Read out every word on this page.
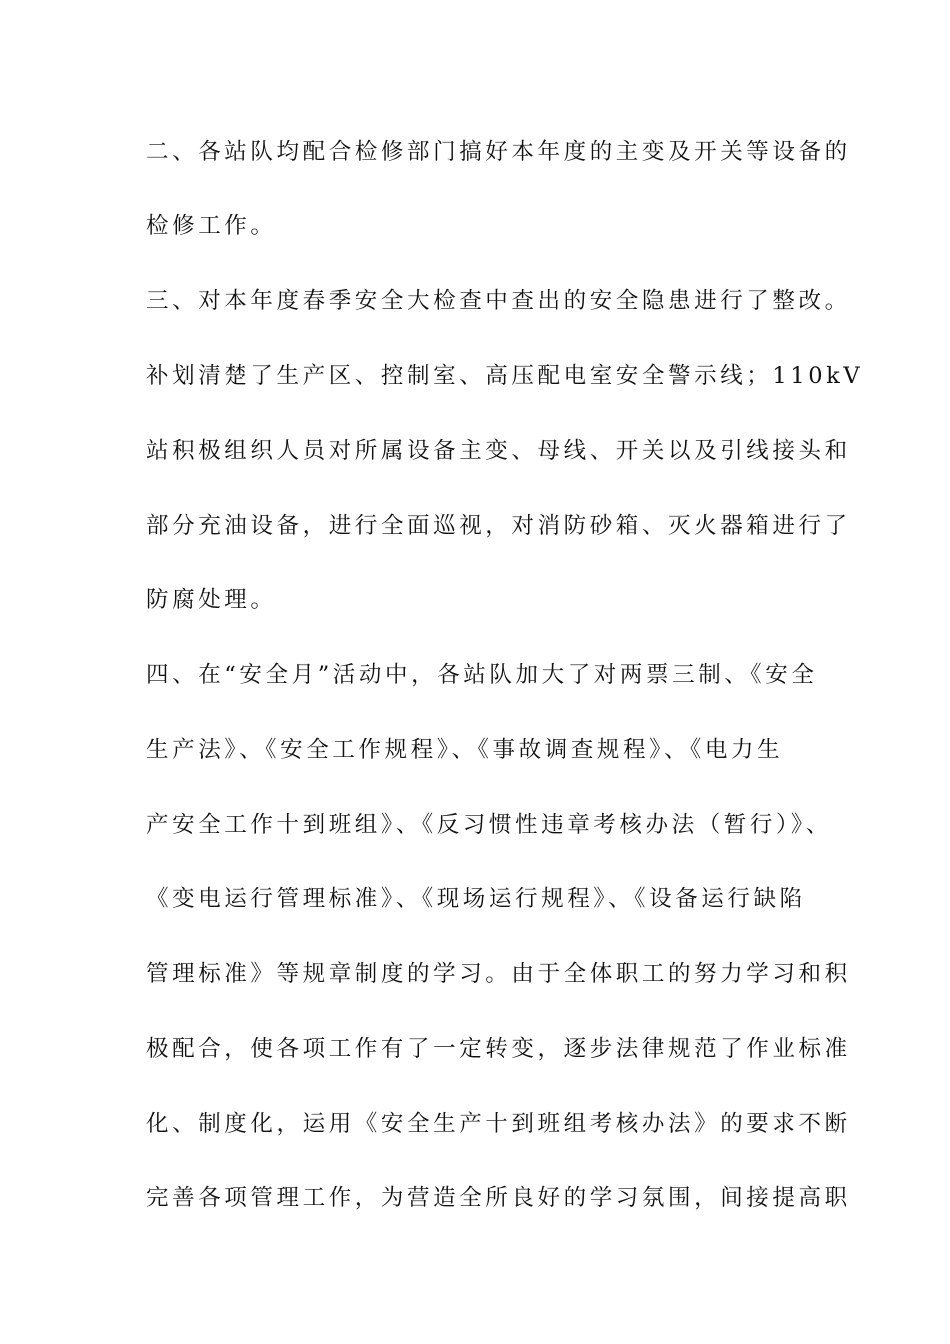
二、各站队均配合检修部门搞好本年度的主变及开关等设备的
检修工作。
三、对本年度春季安全大检查中查出的安全隐患进行了整改。
补划清楚了生产区、控制室、高压配电室安全警示线；110kV
站积极组织人员对所属设备主变、母线、开关以及引线接头和
部分充油设备，进行全面巡视，对消防砂箱、灭火器箱进行了
防腐处理。
四、在“安全月”活动中，各站队加大了对两票三制、《安全
生产法》、《安全工作规程》、《事故调查规程》、《电力生
产安全工作十到班组》、《反习惯性违章考核办法（暂行）》、
《变电运行管理标准》、《现场运行规程》、《设备运行缺陷
管理标准》等规章制度的学习。由于全体职工的努力学习和积
极配合，使各项工作有了一定转变，逐步法律规范了作业标准
化、制度化，运用《安全生产十到班组考核办法》的要求不断
完善各项管理工作，为营造全所良好的学习氛围，间接提高职
